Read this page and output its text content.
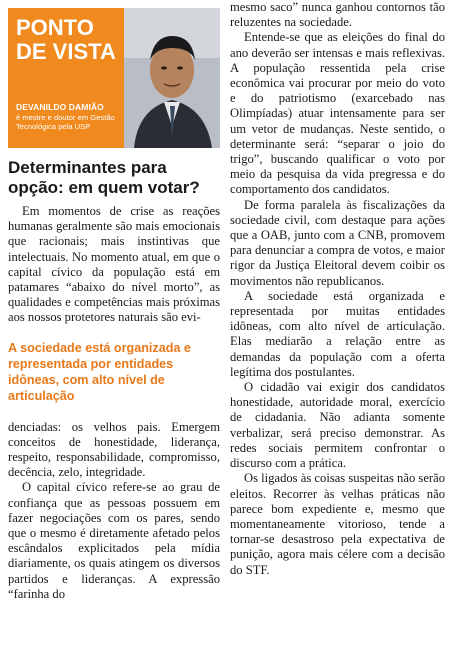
PONTO
DE VISTA
DEVANILDO DAMIÃO
é mestre e doutor em Gestão Tecnológica pela USP
Determinantes para opção: em quem votar?

Em momentos de crise as reações humanas geralmente são mais emocionais que racionais; mais instintivas que intelectuais. No momento atual, em que o capital cívico da população está em patamares “abaixo do nível morto”, as qualidades e competências mais próximas aos nossos protetores naturais são evi-

A sociedade está organizada e representada por entidades idôneas, com alto nível de articulação

denciadas: os velhos pais. Emergem conceitos de honestidade, liderança, respeito, responsabilidade, compromisso, decência, zelo, integridade.

O capital cívico refere-se ao grau de confiança que as pessoas possuem em fazer negociações com os pares, sendo que o mesmo é diretamente afetado pelos escândalos explicitados pela mídia diariamente, os quais atingem os diversos partidos e lideranças. A expressão “farinha do

mesmo saco” nunca ganhou contornos tão reluzentes na sociedade.

Entende-se que as eleições do final do ano deverão ser intensas e mais reflexivas. A população ressentida pela crise econômica vai procurar por meio do voto e do patriotismo (exarcebado nas Olimpíadas) atuar intensamente para ser um vetor de mudanças. Neste sentido, o determinante será: “separar o joio do trigo”, buscando qualificar o voto por meio da pesquisa da vida pregressa e do comportamento dos candidatos.

De forma paralela às fiscalizações da sociedade civil, com destaque para ações que a OAB, junto com a CNB, promovem para denunciar a compra de votos, e maior rigor da Justiça Eleitoral devem coibir os movimentos não republicanos.

A sociedade está organizada e representada por muitas entidades idôneas, com alto nível de articulação. Elas mediarão a relação entre as demandas da população com a oferta legítima dos postulantes.

O cidadão vai exigir dos candidatos honestidade, autoridade moral, exercício de cidadania. Não adianta somente verbalizar, será preciso demonstrar. As redes sociais permitem confrontar o discurso com a prática.

Os ligados às coisas suspeitas não serão eleitos. Recorrer às velhas práticas não parece bom expediente e, mesmo que momentaneamente vitorioso, tende a tornar-se desastroso pela expectativa de punição, agora mais célere com a decisão do STF.
